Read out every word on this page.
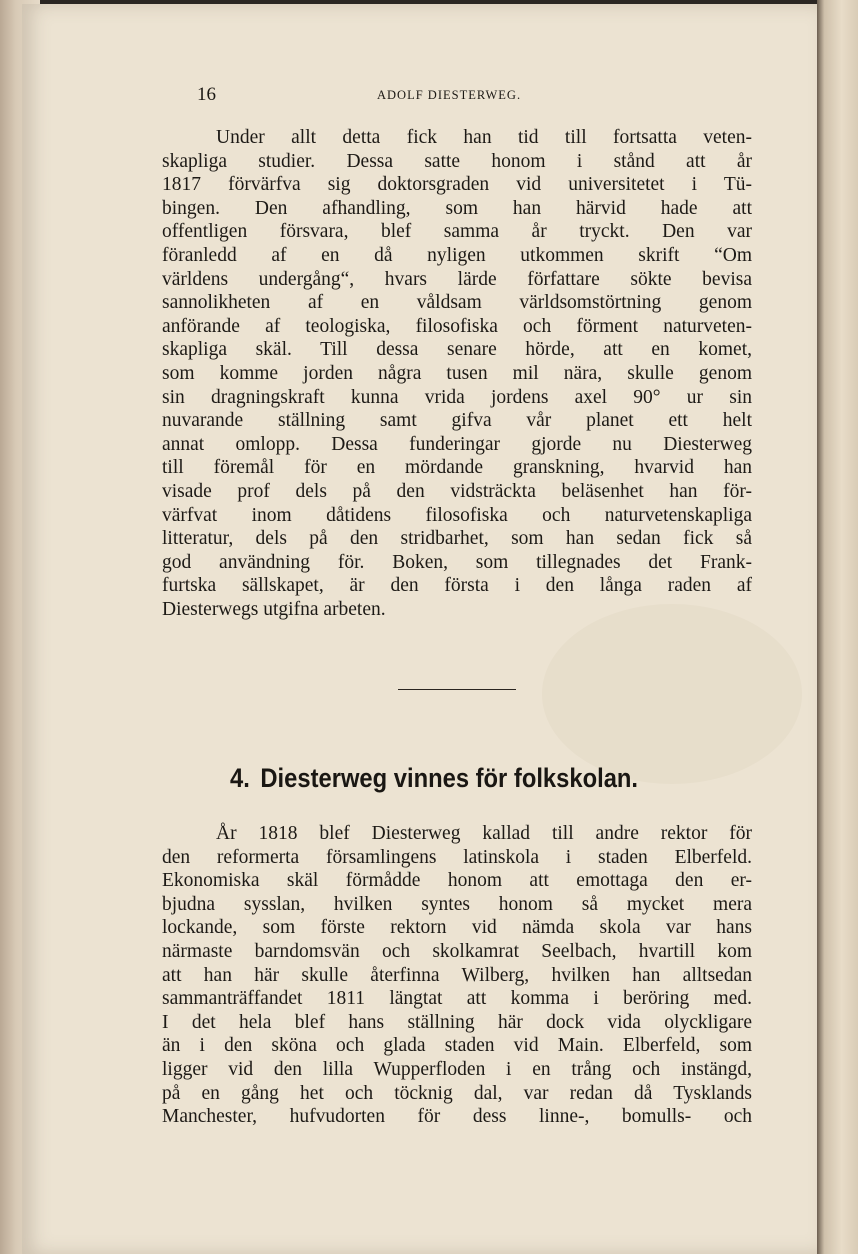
16	ADOLF DIESTERWEG.
Under allt detta fick han tid till fortsatta veten-
skapliga studier. Dessa satte honom i stånd att år
1817 förvärfva sig doktorsgraden vid universitetet i Tü-
bingen. Den afhandling, som han härvid hade att
offentligen försvara, blef samma år tryckt. Den var
föranledd af en då nyligen utkommen skrift “Om
världens undergång“, hvars lärde författare sökte bevisa
sannolikheten af en våldsam världsomstörtning genom
anförande af teologiska, filosofiska och förment naturveten-
skapliga skäl. Till dessa senare hörde, att en komet,
som komme jorden några tusen mil nära, skulle genom
sin dragningskraft kunna vrida jordens axel 90° ur sin
nuvarande ställning samt gifva vår planet ett helt
annat omlopp. Dessa funderingar gjorde nu Diesterweg
till föremål för en mördande granskning, hvarvid han
visade prof dels på den vidsträckta beläsenhet han för-
värfvat inom dåtidens filosofiska och naturvetenskapliga
litteratur, dels på den stridbarhet, som han sedan fick så
god användning för. Boken, som tillegnades det Frank-
furtska sällskapet, är den första i den långa raden af
Diesterwegs utgifna arbeten.
4. Diesterweg vinnes för folkskolan.
År 1818 blef Diesterweg kallad till andre rektor för
den reformerta församlingens latinskola i staden Elberfeld.
Ekonomiska skäl förmådde honom att emottaga den er-
bjudna sysslan, hvilken syntes honom så mycket mera
lockande, som förste rektorn vid nämda skola var hans
närmaste barndomsvän och skolkamrat Seelbach, hvartill kom
att han här skulle återfinna Wilberg, hvilken han alltsedan
sammanträffandet 1811 längtat att komma i beröring med.
I det hela blef hans ställning här dock vida olyckligare
än i den sköna och glada staden vid Main. Elberfeld, som
ligger vid den lilla Wupperfloden i en trång och instängd,
på en gång het och töcknig dal, var redan då Tysklands
Manchester, hufvudorten för dess linne-, bomulls- och
